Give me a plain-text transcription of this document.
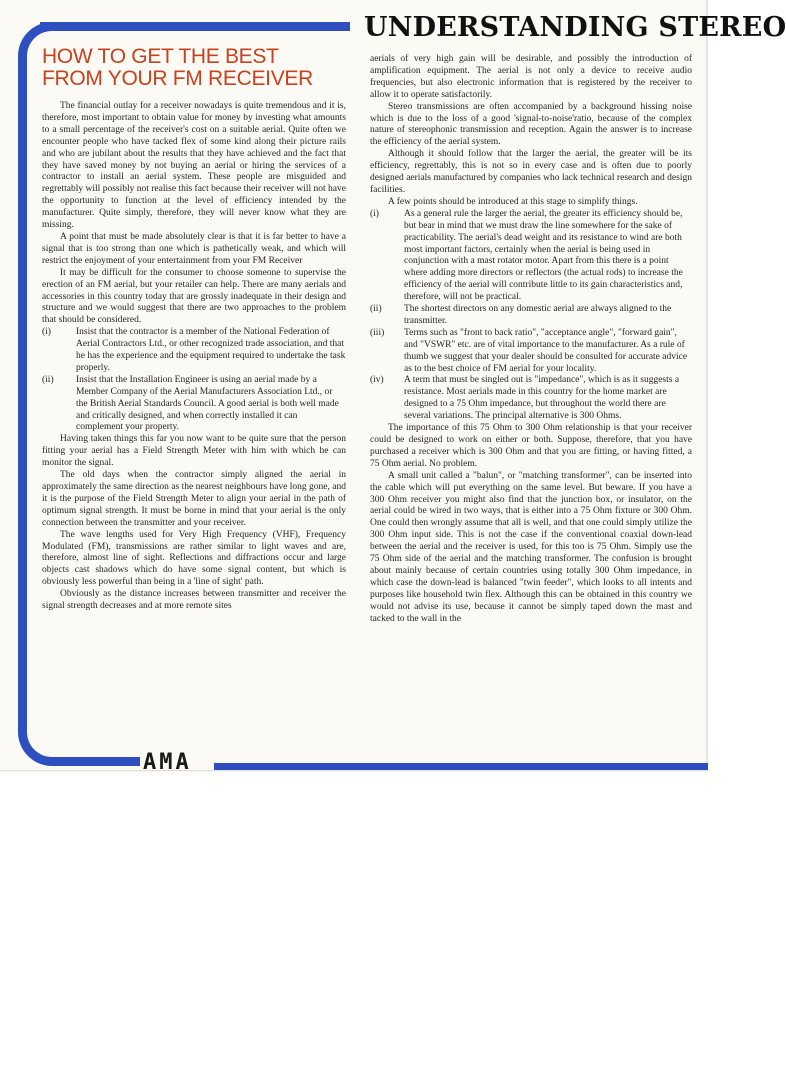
AMA
UNDERSTANDING STEREO
HOW TO GET THE BEST
FROM YOUR FM RECEIVER

The financial outlay for a receiver nowadays is quite tremendous and it is, therefore, most important to obtain value for money by investing what amounts to a small percentage of the receiver's cost on a suitable aerial. Quite often we encounter people who have tacked flex of some kind along their picture rails and who are jubilant about the results that they have achieved and the fact that they have saved money by not buying an aerial or hiring the services of a contractor to install an aerial system. These people are misguided and regrettably will possibly not realise this fact because their receiver will not have the opportunity to function at the level of efficiency intended by the manufacturer. Quite simply, therefore, they will never know what they are missing.

A point that must be made absolutely clear is that it is far better to have a signal that is too strong than one which is pathetically weak, and which will restrict the enjoyment of your entertainment from your FM Receiver

It may be difficult for the consumer to choose someone to supervise the erection of an FM aerial, but your retailer can help. There are many aerials and accessories in this country today that are grossly inadequate in their design and structure and we would suggest that there are two approaches to the problem that should be considered.

(i)	Insist that the contractor is a member of the National Federation of Aerial Contractors Ltd., or other recognized trade association, and that he has the experience and the equipment required to undertake the task properly.
(ii)	Insist that the Installation Engineer is using an aerial made by a Member Company of the Aerial Manufacturers Association Ltd., or the British Aerial Standards Council. A good aerial is both well made and critically designed, and when correctly installed it can complement your property.

Having taken things this far you now want to be quite sure that the person fitting your aerial has a Field Strength Meter with him with which he can monitor the signal.

The old days when the contractor simply aligned the aerial in approximately the same direction as the nearest neighbours have long gone, and it is the purpose of the Field Strength Meter to align your aerial in the path of optimum signal strength. It must be borne in mind that your aerial is the only connection between the transmitter and your receiver.

The wave lengths used for Very High Frequency (VHF), Frequency Modulated (FM), transmissions are rather similar to light waves and are, therefore, almost line of sight. Reflections and diffractions occur and large objects cast shadows which do have some signal content, but which is obviously less powerful than being in a 'line of sight' path.

Obviously as the distance increases between transmitter and receiver the signal strength decreases and at more remote sites

aerials of very high gain will be desirable, and possibly the introduction of amplification equipment. The aerial is not only a device to receive audio frequencies, but also electronic information that is registered by the receiver to allow it to operate satisfactorily.

Stereo transmissions are often accompanied by a background hissing noise which is due to the loss of a good 'signal-to-noise'ratio, because of the complex nature of stereophonic transmission and reception. Again the answer is to increase the efficiency of the aerial system.

Although it should follow that the larger the aerial, the greater will be its efficiency, regrettably, this is not so in every case and is often due to poorly designed aerials manufactured by companies who lack technical research and design facilities.

A few points should be introduced at this stage to simplify things.

(i)	As a general rule the larger the aerial, the greater its efficiency should be, but bear in mind that we must draw the line somewhere for the sake of practicability. The aerial's dead weight and its resistance to wind are both most important factors, certainly when the aerial is being used in conjunction with a mast rotator motor. Apart from this there is a point where adding more directors or reflectors (the actual rods) to increase the efficiency of the aerial will contribute little to its gain characteristics and, therefore, will not be practical.
(ii)	The shortest directors on any domestic aerial are always aligned to the transmitter.
(iii)	Terms such as "front to back ratio", "acceptance angle", "forward gain", and "VSWR" etc. are of vital importance to the manufacturer. As a rule of thumb we suggest that your dealer should be consulted for accurate advice as to the best choice of FM aerial for your locality.
(iv)	A term that must be singled out is "impedance", which is as it suggests a resistance. Most aerials made in this country for the home market are designed to a 75 Ohm impedance, but throughout the world there are several variations. The principal alternative is 300 Ohms.

The importance of this 75 Ohm to 300 Ohm relationship is that your receiver could be designed to work on either or both. Suppose, therefore, that you have purchased a receiver which is 300 Ohm and that you are fitting, or having fitted, a 75 Ohm aerial. No problem.

A small unit called a "balun", or "matching transformer", can be inserted into the cable which will put everything on the same level. But beware. If you have a 300 Ohm receiver you might also find that the junction box, or insulator, on the aerial could be wired in two ways, that is either into a 75 Ohm fixture or 300 Ohm. One could then wrongly assume that all is well, and that one could simply utilize the 300 Ohm input side. This is not the case if the conventional coaxial down-lead between the aerial and the receiver is used, for this too is 75 Ohm. Simply use the 75 Ohm side of the aerial and the matching transformer. The confusion is brought about mainly because of certain countries using totally 300 Ohm impedance, in which case the down-lead is balanced "twin feeder", which looks to all intents and purposes like household twin flex. Although this can be obtained in this country we would not advise its use, because it cannot be simply taped down the mast and tacked to the wall in the
